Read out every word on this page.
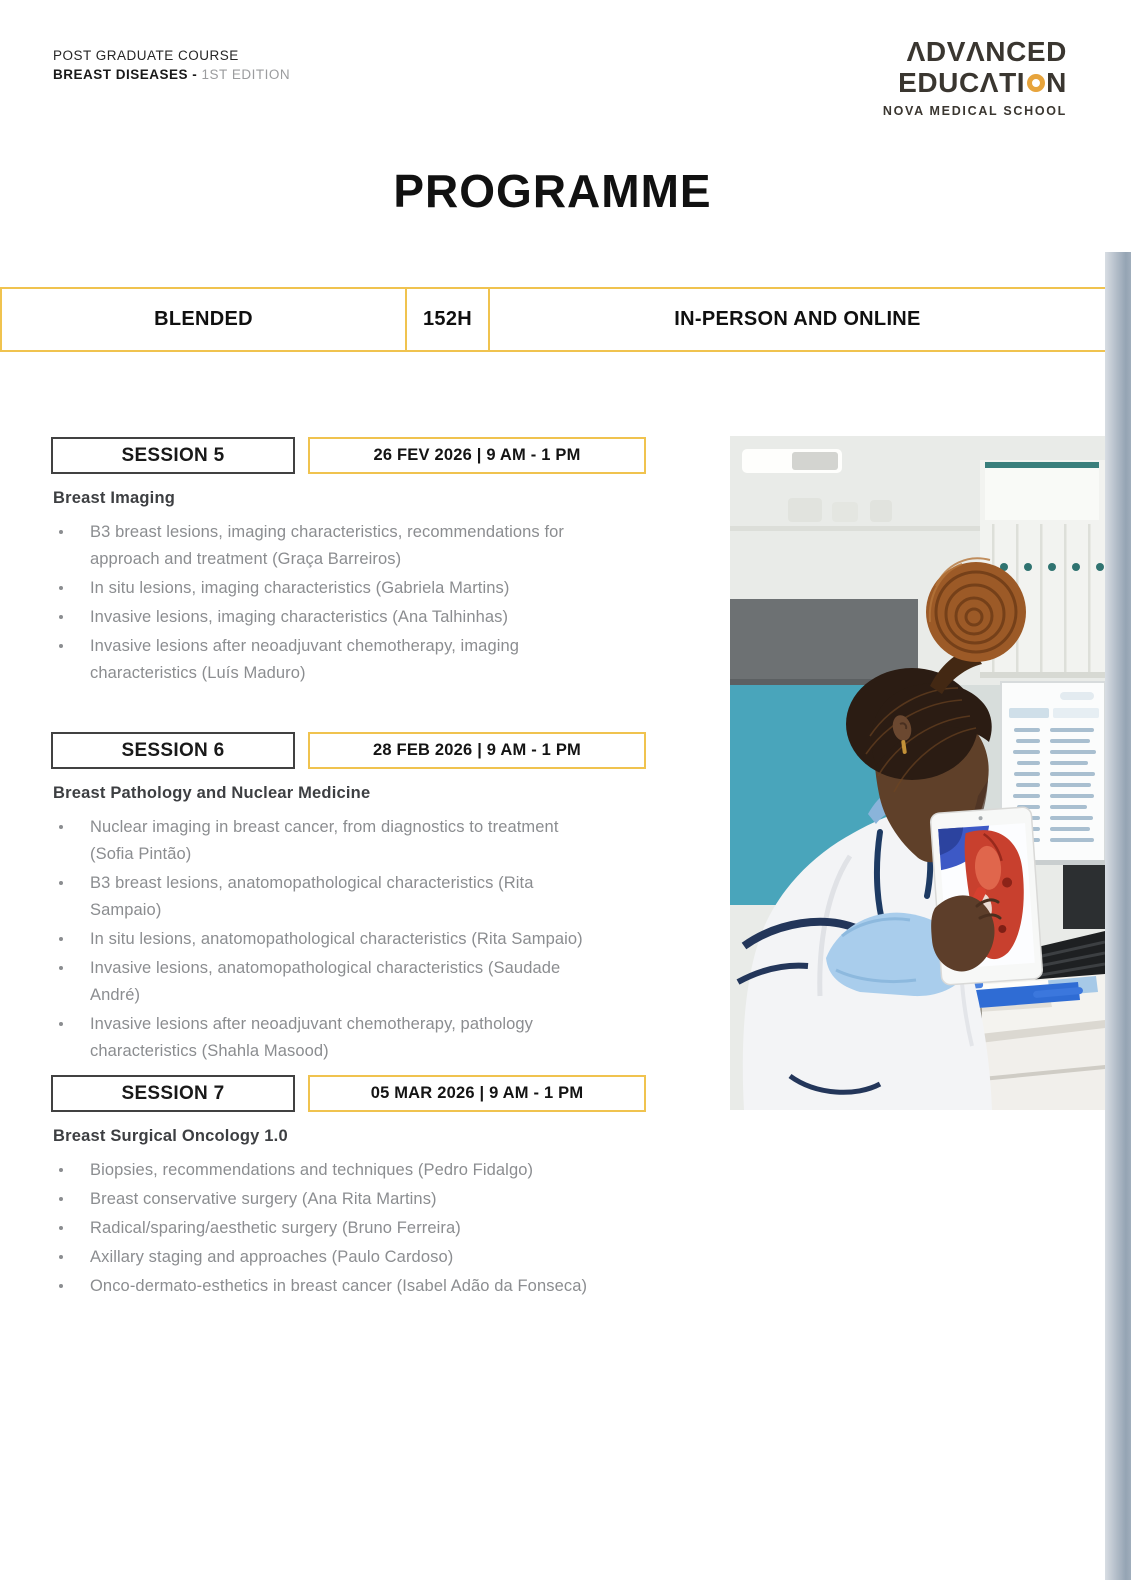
POST GRADUATE COURSE
BREAST DISEASES - 1ST EDITION
ΛDVΛNCED
EDUCΛTI N
NOVA MEDICAL SCHOOL
PROGRAMME
BLENDED	152H	IN-PERSON AND ONLINE
SESSION 5	26 FEV 2026 | 9 AM - 1 PM
Breast Imaging
B3 breast lesions, imaging characteristics, recommendations for approach and treatment (Graça Barreiros)
In situ lesions, imaging characteristics (Gabriela Martins)
Invasive lesions, imaging characteristics (Ana Talhinhas)
Invasive lesions after neoadjuvant chemotherapy, imaging characteristics (Luís Maduro)
SESSION 6	28 FEB 2026 | 9 AM - 1 PM
Breast Pathology and Nuclear Medicine
Nuclear imaging in breast cancer, from diagnostics to treatment (Sofia Pintão)
B3 breast lesions, anatomopathological characteristics (Rita Sampaio)
In situ lesions, anatomopathological characteristics (Rita Sampaio)
Invasive lesions, anatomopathological characteristics (Saudade André)
Invasive lesions after neoadjuvant chemotherapy, pathology characteristics (Shahla Masood)
SESSION 7	05 MAR 2026 | 9 AM - 1 PM
Breast Surgical Oncology 1.0
Biopsies, recommendations and techniques (Pedro Fidalgo)
Breast conservative surgery (Ana Rita Martins)
Radical/sparing/aesthetic surgery (Bruno Ferreira)
Axillary staging and approaches (Paulo Cardoso)
Onco-dermato-esthetics in breast cancer (Isabel Adão da Fonseca)
